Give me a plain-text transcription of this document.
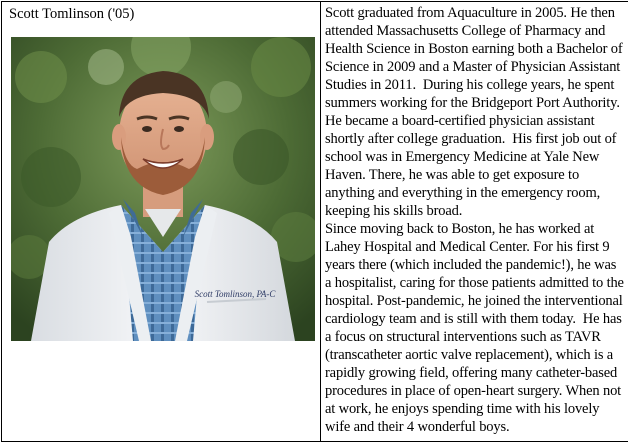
Scott Tomlinson ('05)
Scott Tomlinson, PA-C

Scott graduated from Aquaculture in 2005. He then attended Massachusetts College of Pharmacy and Health Science in Boston earning both a Bachelor of Science in 2009 and a Master of Physician Assistant Studies in 2011.  During his college years, he spent summers working for the Bridgeport Port Authority. He became a board-certified physician assistant shortly after college graduation.  His first job out of school was in Emergency Medicine at Yale New Haven. There, he was able to get exposure to anything and everything in the emergency room, keeping his skills broad.

Since moving back to Boston, he has worked at Lahey Hospital and Medical Center. For his first 9 years there (which included the pandemic!), he was a hospitalist, caring for those patients admitted to the hospital. Post-pandemic, he joined the interventional cardiology team and is still with them today.  He has a focus on structural interventions such as TAVR (transcatheter aortic valve replacement), which is a rapidly growing field, offering many catheter-based procedures in place of open-heart surgery. When not at work, he enjoys spending time with his lovely wife and their 4 wonderful boys.
